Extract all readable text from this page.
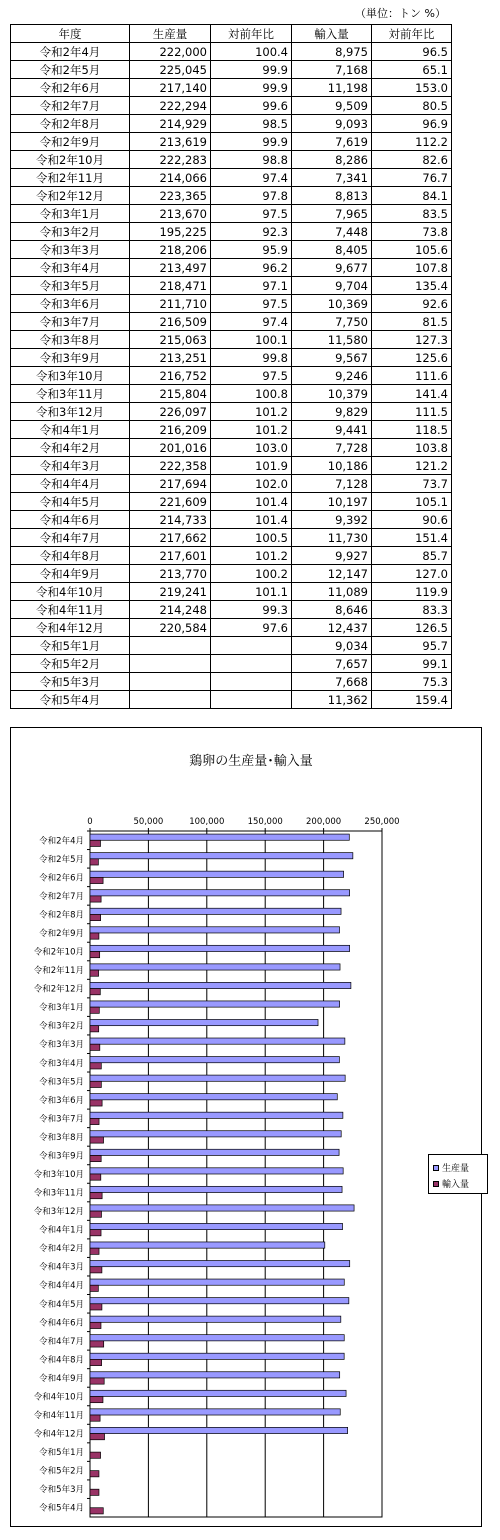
（単位：トン %）
年度	生産量	対前年比	輸入量	対前年比
令和2年4月	222,000	100.4	8,975	96.5
令和2年5月	225,045	99.9	7,168	65.1
令和2年6月	217,140	99.9	11,198	153.0
令和2年7月	222,294	99.6	9,509	80.5
令和2年8月	214,929	98.5	9,093	96.9
令和2年9月	213,619	99.9	7,619	112.2
令和2年10月	222,283	98.8	8,286	82.6
令和2年11月	214,066	97.4	7,341	76.7
令和2年12月	223,365	97.8	8,813	84.1
令和3年1月	213,670	97.5	7,965	83.5
令和3年2月	195,225	92.3	7,448	73.8
令和3年3月	218,206	95.9	8,405	105.6
令和3年4月	213,497	96.2	9,677	107.8
令和3年5月	218,471	97.1	9,704	135.4
令和3年6月	211,710	97.5	10,369	92.6
令和3年7月	216,509	97.4	7,750	81.5
令和3年8月	215,063	100.1	11,580	127.3
令和3年9月	213,251	99.8	9,567	125.6
令和3年10月	216,752	97.5	9,246	111.6
令和3年11月	215,804	100.8	10,379	141.4
令和3年12月	226,097	101.2	9,829	111.5
令和4年1月	216,209	101.2	9,441	118.5
令和4年2月	201,016	103.0	7,728	103.8
令和4年3月	222,358	101.9	10,186	121.2
令和4年4月	217,694	102.0	7,128	73.7
令和4年5月	221,609	101.4	10,197	105.1
令和4年6月	214,733	101.4	9,392	90.6
令和4年7月	217,662	100.5	11,730	151.4
令和4年8月	217,601	101.2	9,927	85.7
令和4年9月	213,770	100.2	12,147	127.0
令和4年10月	219,241	101.1	11,089	119.9
令和4年11月	214,248	99.3	8,646	83.3
令和4年12月	220,584	97.6	12,437	126.5
令和5年1月			9,034	95.7
令和5年2月			7,657	99.1
令和5年3月			7,668	75.3
令和5年4月			11,362	159.4
鶏卵の生産量･輸入量
0	50,000	100,000	150,000	200,000	250,000
令和2年4月
令和2年5月
令和2年6月
令和2年7月
令和2年8月
令和2年9月
令和2年10月
令和2年11月
令和2年12月
令和3年1月
令和3年2月
令和3年3月
令和3年4月
令和3年5月
令和3年6月
令和3年7月
令和3年8月
令和3年9月
令和3年10月
令和3年11月
令和3年12月
令和4年1月
令和4年2月
令和4年3月
令和4年4月
令和4年5月
令和4年6月
令和4年7月
令和4年8月
令和4年9月
令和4年10月
令和4年11月
令和4年12月
令和5年1月
令和5年2月
令和5年3月
令和5年4月
生産量
輸入量
